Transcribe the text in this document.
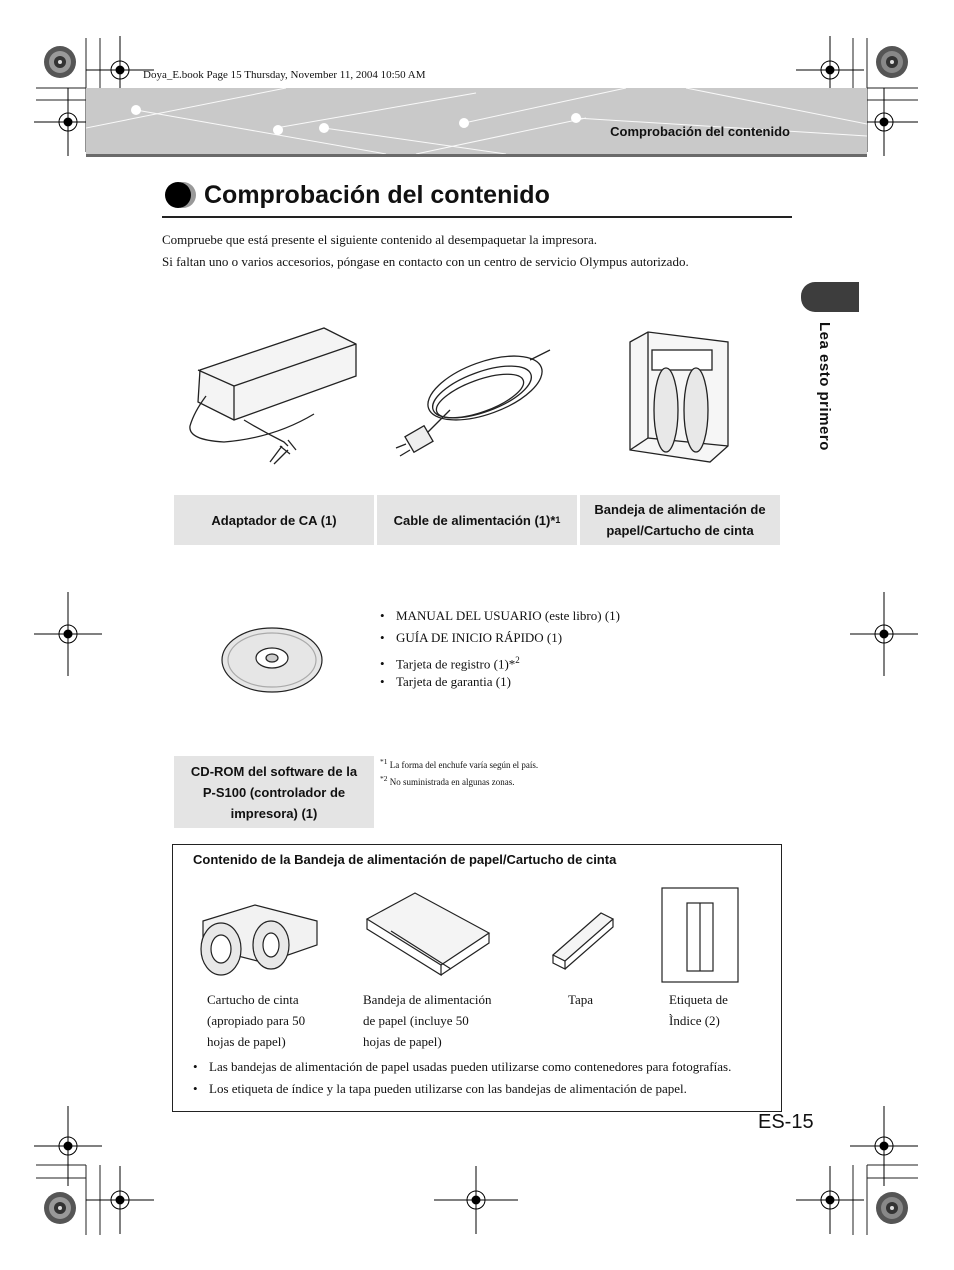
Doya_E.book Page 15 Thursday, November 11, 2004 10:50 AM
Comprobación del contenido
Comprobación del contenido
Compruebe que está presente el siguiente contenido al desempaquetar la impresora.
Si faltan uno o varios accesorios, póngase en contacto con un centro de servicio Olympus autorizado.
Lea esto primero
Adaptador de CA (1)	Cable de alimentación (1)* 1
Bandeja de alimentación de papel/Cartucho de cinta
• MANUAL DEL USUARIO (este libro) (1)
• GUÍA DE INICIO RÁPIDO (1)
• Tarjeta de registro (1)*$^2$
• Tarjeta de garantia (1)
CD-ROM del software de la P-S100 (controlador de impresora) (1)
$^{*1}$ La forma del enchufe varía según el país.
$^{*2}$ No suministrada en algunas zonas.
Contenido de la Bandeja de alimentación de papel/Cartucho de cinta
Cartucho de cinta
(apropiado para 50
hojas de papel)
Bandeja de alimentación
de papel (incluye 50
hojas de papel)
Tapa	Etiqueta de
Ìndice (2)
• Las bandejas de alimentación de papel usadas pueden utilizarse como contenedores para fotografías.
• Los etiqueta de índice y la tapa pueden utilizarse con las bandejas de alimentación de papel.
ES-15
